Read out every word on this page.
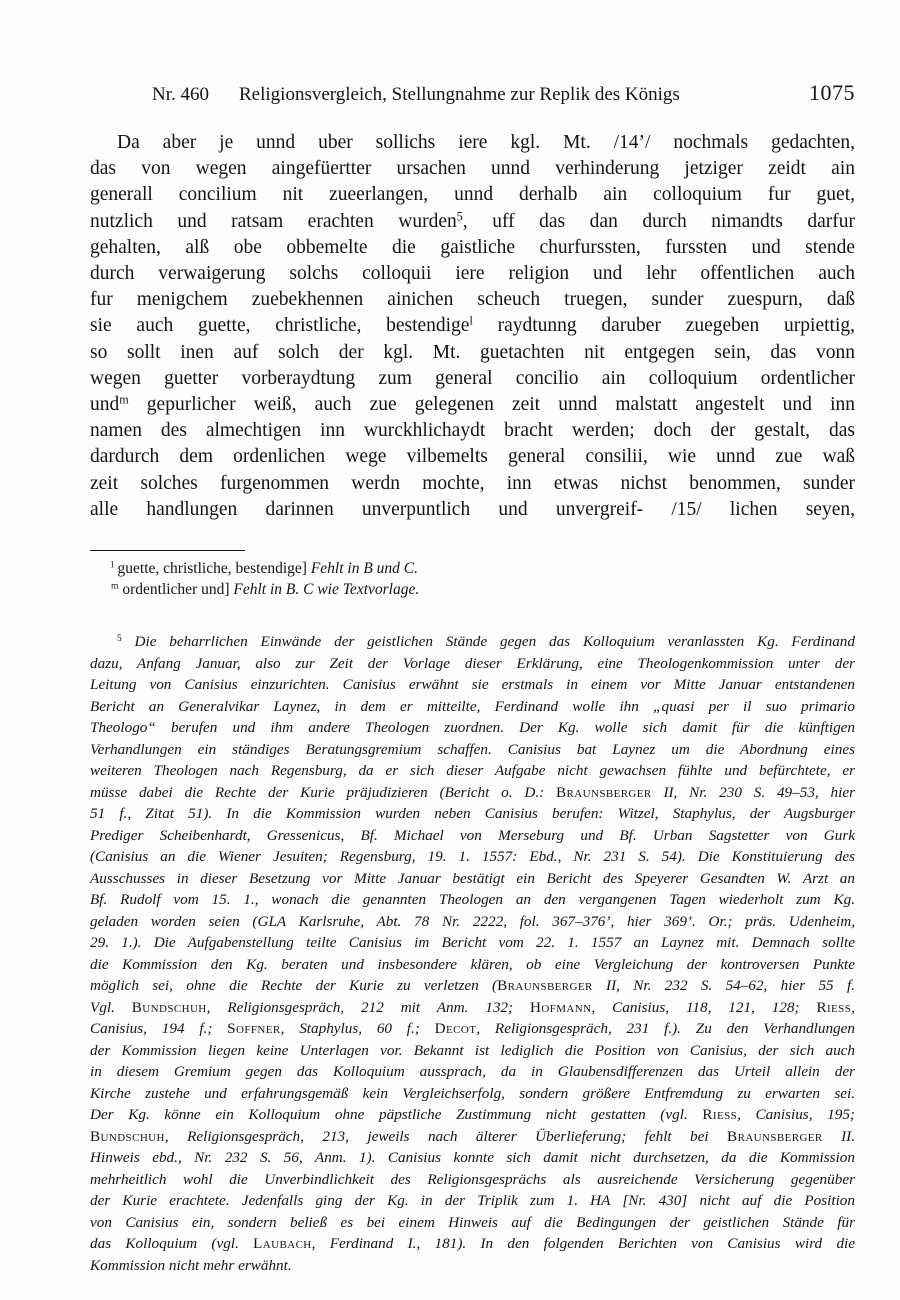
Nr. 460 Religionsvergleich, Stellungnahme zur Replik des Königs	1075
Da aber je unnd uber sollichs iere kgl. Mt. /14’/ nochmals gedachten,
das von wegen aingefüertter ursachen unnd verhinderung jetziger zeidt ain
generall concilium nit zueerlangen, unnd derhalb ain colloquium fur guet,
nutzlich und ratsam erachten wurden$^5$, uff das dan durch nimandts darfur
gehalten, alß obe obbemelte die gaistliche churfurssten, furssten und stende
durch verwaigerung solchs colloquii iere religion und lehr offentlichen auch
fur menigchem zuebekhennen ainichen scheuch truegen, sunder zuespurn, daß
sie auch guette, christliche, bestendige$^l$ raydtunng daruber zuegeben urpiettig,
so sollt inen auf solch der kgl. Mt. guetachten nit entgegen sein, das vonn
wegen guetter vorberaydtung zum general concilio ain colloquium ordentlicher
und$^m$ gepurlicher weiß, auch zue gelegenen zeit unnd malstatt angestelt und inn
namen des almechtigen inn wurckhlichaydt bracht werden; doch der gestalt, das
dardurch dem ordenlichen wege vilbemelts general consilii, wie unnd zue waß
zeit solches furgenommen werdn mochte, inn etwas nichst benommen, sunder
alle handlungen darinnen unverpuntlich und unvergreif- /15/ lichen seyen,
$^l$ guette, christliche, bestendige] Fehlt in B und C.
$^m$ ordentlicher und] Fehlt in B. C wie Textvorlage.
$^5$ Die beharrlichen Einwände der geistlichen Stände gegen das Kolloquium veranlassten Kg. Ferdinand
dazu, Anfang Januar, also zur Zeit der Vorlage dieser Erklärung, eine Theologenkommission unter der
Leitung von Canisius einzurichten. Canisius erwähnt sie erstmals in einem vor Mitte Januar entstandenen
Bericht an Generalvikar Laynez, in dem er mitteilte, Ferdinand wolle ihn „quasi per il suo primario
Theologo“ berufen und ihm andere Theologen zuordnen. Der Kg. wolle sich damit für die künftigen
Verhandlungen ein ständiges Beratungsgremium schaffen. Canisius bat Laynez um die Abordnung eines
weiteren Theologen nach Regensburg, da er sich dieser Aufgabe nicht gewachsen fühlte und befürchtete, er
müsse dabei die Rechte der Kurie präjudizieren (Bericht o. D.: Braunsberger II, Nr. 230 S. 49–53, hier
51 f., Zitat 51). In die Kommission wurden neben Canisius berufen: Witzel, Staphylus, der Augsburger
Prediger Scheibenhardt, Gressenicus, Bf. Michael von Merseburg und Bf. Urban Sagstetter von Gurk
(Canisius an die Wiener Jesuiten; Regensburg, 19. 1. 1557: Ebd., Nr. 231 S. 54). Die Konstituierung des
Ausschusses in dieser Besetzung vor Mitte Januar bestätigt ein Bericht des Speyerer Gesandten W. Arzt an
Bf. Rudolf vom 15. 1., wonach die genannten Theologen an den vergangenen Tagen wiederholt zum Kg.
geladen worden seien (GLA Karlsruhe, Abt. 78 Nr. 2222, fol. 367–376’, hier 369’. Or.; präs. Udenheim,
29. 1.). Die Aufgabenstellung teilte Canisius im Bericht vom 22. 1. 1557 an Laynez mit. Demnach sollte
die Kommission den Kg. beraten und insbesondere klären, ob eine Vergleichung der kontroversen Punkte
möglich sei, ohne die Rechte der Kurie zu verletzen (Braunsberger II, Nr. 232 S. 54–62, hier 55 f.
Vgl. Bundschuh, Religionsgespräch, 212 mit Anm. 132; Hofmann, Canisius, 118, 121, 128; Riess,
Canisius, 194 f.; Soffner, Staphylus, 60 f.; Decot, Religionsgespräch, 231 f.). Zu den Verhandlungen
der Kommission liegen keine Unterlagen vor. Bekannt ist lediglich die Position von Canisius, der sich auch
in diesem Gremium gegen das Kolloquium aussprach, da in Glaubensdifferenzen das Urteil allein der
Kirche zustehe und erfahrungsgemäß kein Vergleichserfolg, sondern größere Entfremdung zu erwarten sei.
Der Kg. könne ein Kolloquium ohne päpstliche Zustimmung nicht gestatten (vgl. Riess, Canisius, 195;
Bundschuh, Religionsgespräch, 213, jeweils nach älterer Überlieferung; fehlt bei Braunsberger II.
Hinweis ebd., Nr. 232 S. 56, Anm. 1). Canisius konnte sich damit nicht durchsetzen, da die Kommission
mehrheitlich wohl die Unverbindlichkeit des Religionsgesprächs als ausreichende Versicherung gegenüber
der Kurie erachtete. Jedenfalls ging der Kg. in der Triplik zum 1. HA [Nr. 430] nicht auf die Position
von Canisius ein, sondern beließ es bei einem Hinweis auf die Bedingungen der geistlichen Stände für
das Kolloquium (vgl. Laubach, Ferdinand I., 181). In den folgenden Berichten von Canisius wird die
Kommission nicht mehr erwähnt.
